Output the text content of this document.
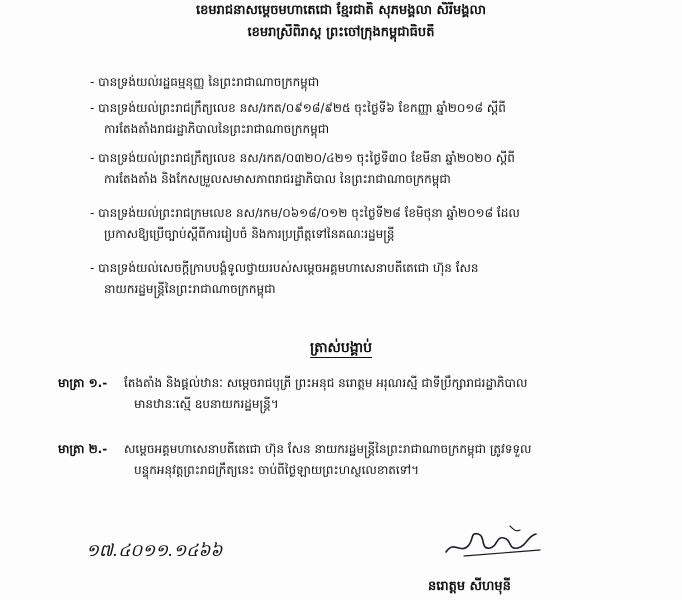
ខេមរាជនាសម្ដេចមហាតេជោ ខ្មែរជាតិ សុភមង្គលា សិរីមង្គលា
ខេមរាស្រីពិរាស្ត ព្រះចៅក្រុងកម្ពុជាធិបតី
- បានទ្រង់យល់រដ្ឋធម្មនុញ្ញ នៃព្រះរាជាណាចក្រកម្ពុជា
- បានទ្រង់យល់ព្រះរាជក្រឹត្យលេខ នស/រកត/០៩១៨/៩២៥ ចុះថ្ងៃទី៦ ខែកញ្ញា ឆ្នាំ២០១៨ ស្តីពី
ការតែងតាំងរាជរដ្ឋាភិបាលនៃព្រះរាជាណាចក្រកម្ពុជា
- បានទ្រង់យល់ព្រះរាជក្រឹត្យលេខ នស/រកត/០៣២០/៤២១ ចុះថ្ងៃទី៣០ ខែមីនា ឆ្នាំ២០២០ ស្តីពី
ការតែងតាំង និងកែសម្រួលសមាសភាពរាជរដ្ឋាភិបាល នៃព្រះរាជាណាចក្រកម្ពុជា
- បានទ្រង់យល់ព្រះរាជក្រមលេខ នស/រកម/០៦១៨/០១២ ចុះថ្ងៃទី២៨ ខែមិថុនា ឆ្នាំ២០១៨ ដែល
ប្រកាសឱ្យប្រើច្បាប់ស្តីពីការរៀបចំ និងការប្រព្រឹត្តទៅនៃគណៈរដ្ឋមន្ត្រី
- បានទ្រង់យល់សេចក្តីក្រាបបង្គំទូលថ្វាយរបស់សម្តេចអគ្គមហាសេនាបតីតេជោ ហ៊ុន សែន
នាយករដ្ឋមន្ត្រីនៃព្រះរាជាណាចក្រកម្ពុជា
ត្រាស់បង្គាប់
មាត្រា ១.-	តែងតាំង និងផ្តល់ឋានៈ សម្តេចរាជបុត្រី ព្រះអនុជ នរោត្តម អរុណរស្មី ជាទីប្រឹក្សារាជរដ្ឋាភិបាល
មានឋានៈស្មើ ឧបនាយករដ្ឋមន្ត្រី។
មាត្រា ២.-	សម្តេចអគ្គមហាសេនាបតីតេជោ ហ៊ុន សែន នាយករដ្ឋមន្ត្រីនៃព្រះរាជាណាចក្រកម្ពុជា ត្រូវទទួល
បន្ទុកអនុវត្តព្រះរាជក្រឹត្យនេះ ចាប់ពីថ្ងៃឡាយព្រះហស្ថលេខាតទៅ។
១៧.៤០១១.១៤៦៦
នរោត្តម សីហមុនី
